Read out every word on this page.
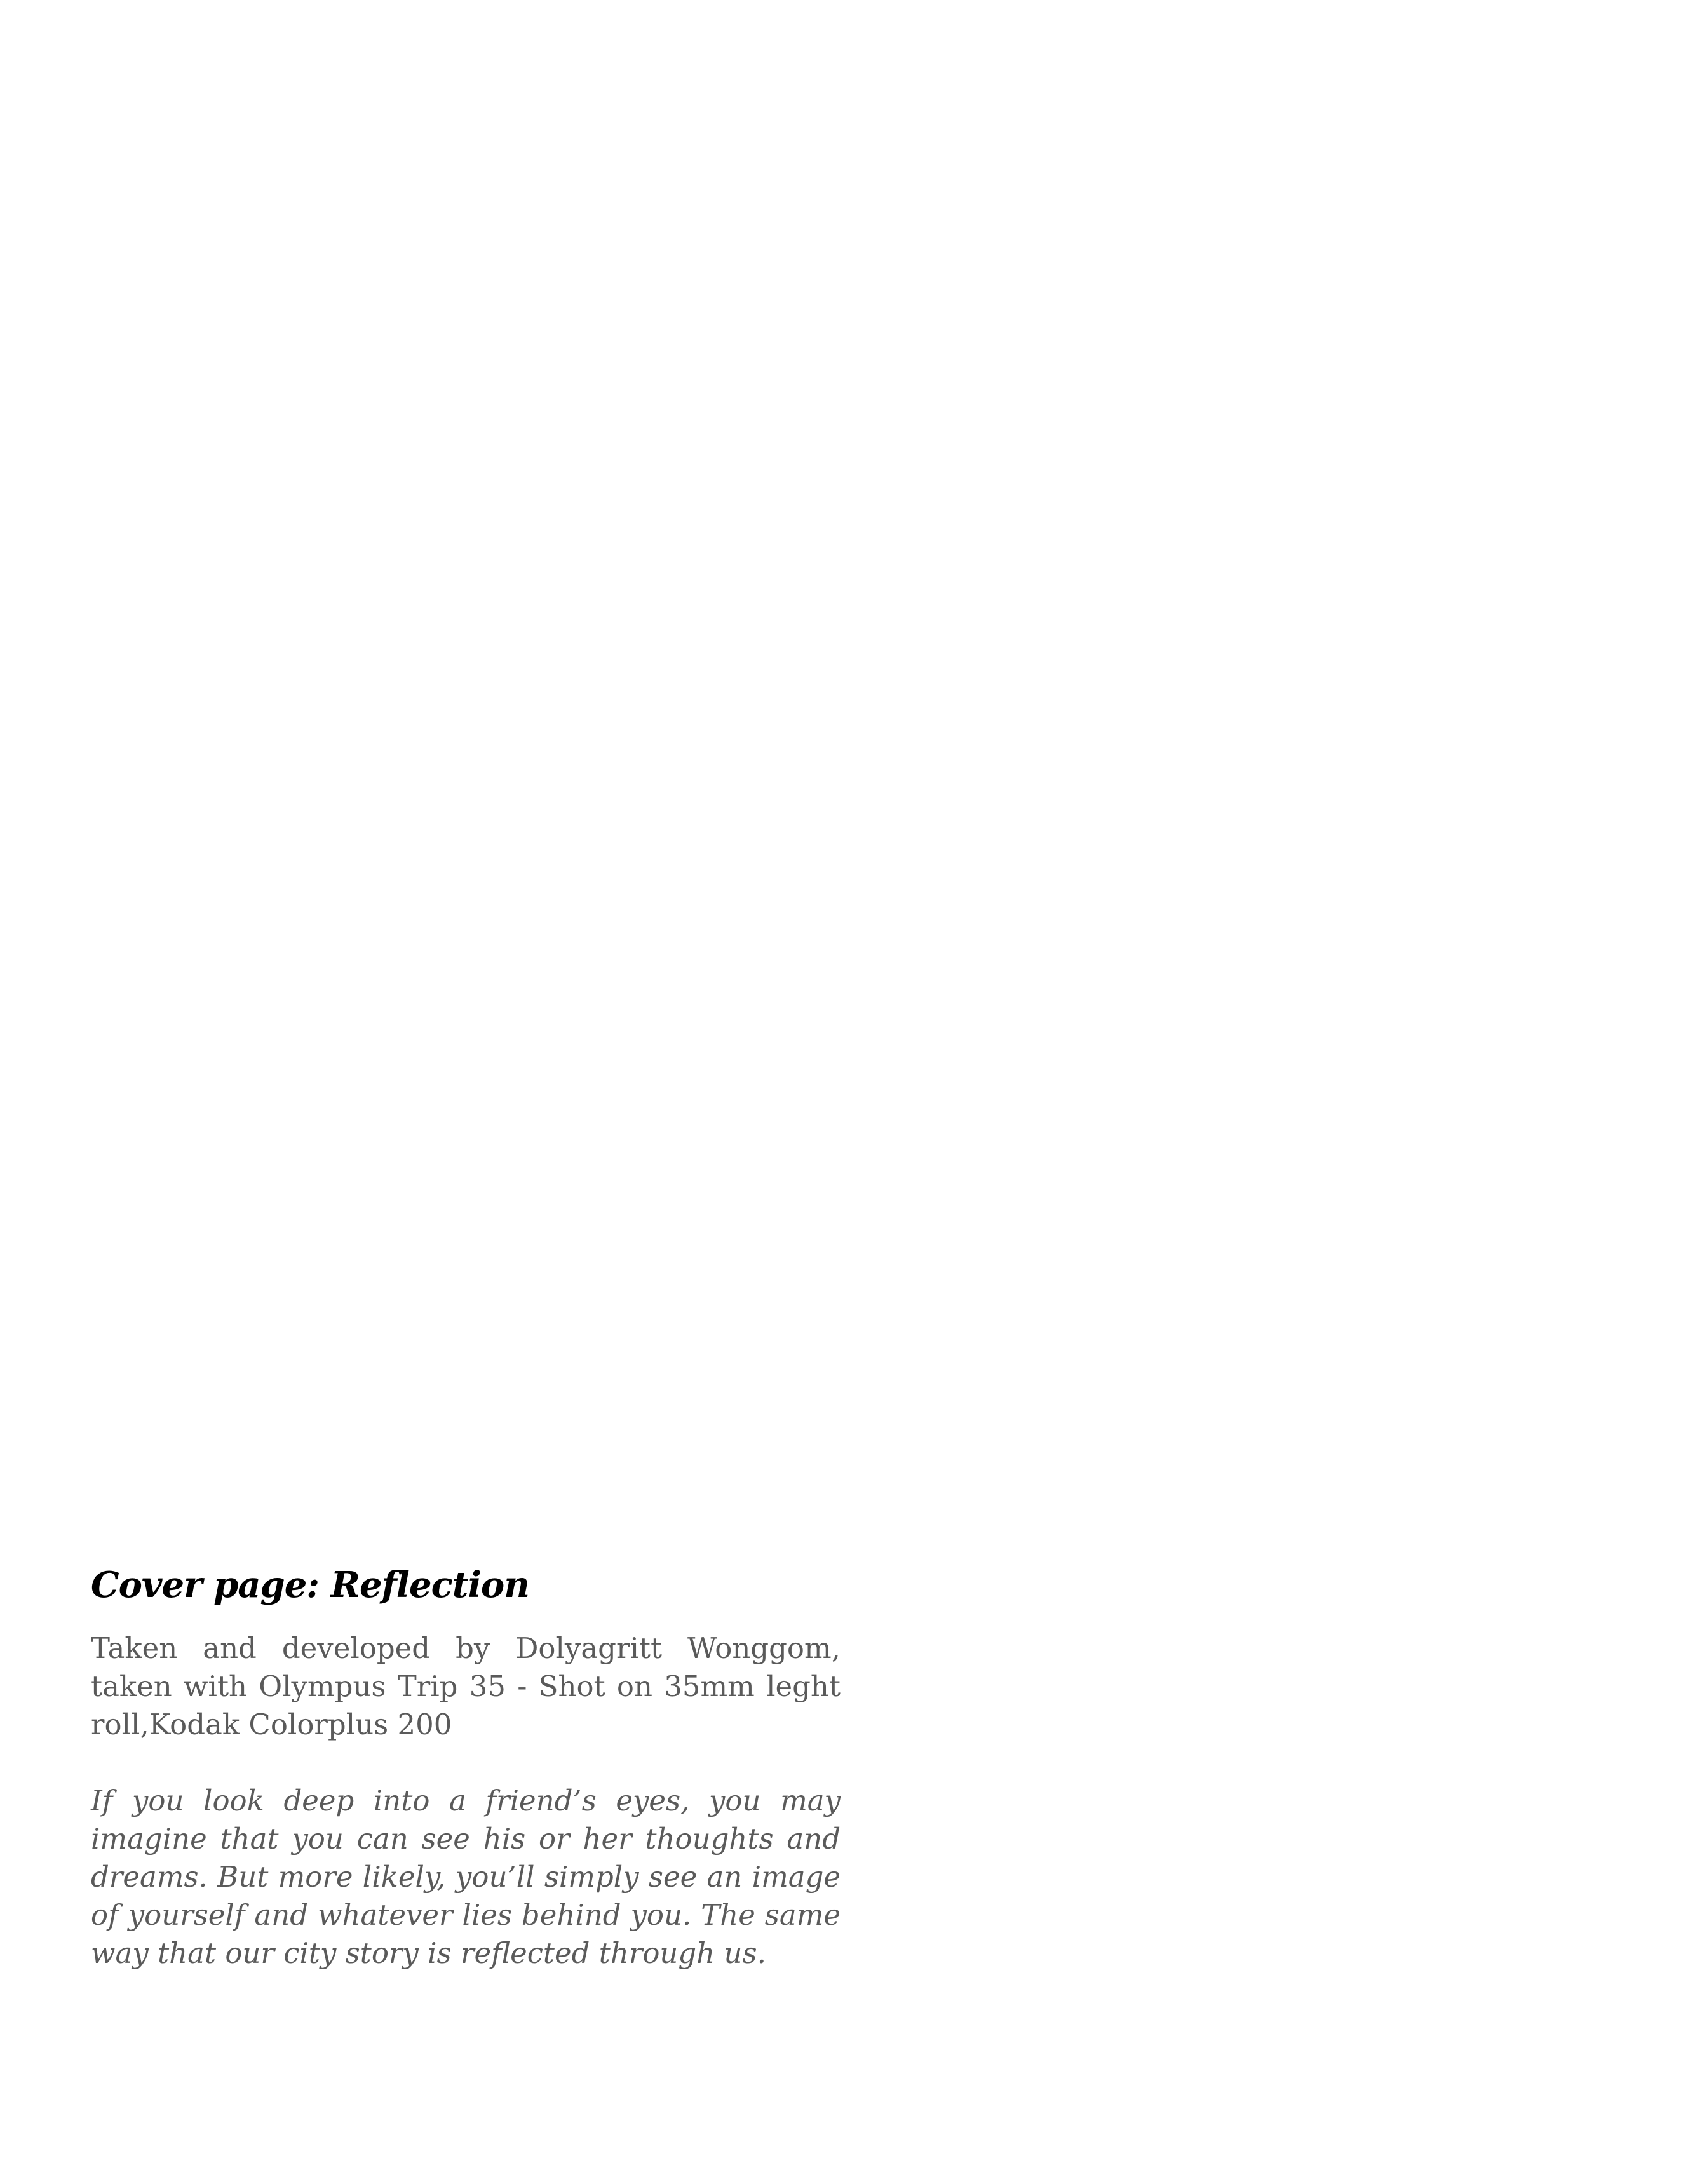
Cover page: Reflection

Taken and developed by Dolyagritt Wonggom, taken with Olympus Trip 35 - Shot on 35mm leght roll,Kodak Colorplus 200

If you look deep into a friend’s eyes, you may imagine that you can see his or her thoughts and dreams. But more likely, you’ll simply see an image of yourself and whatever lies behind you. The same way that our city story is reflected through us.
